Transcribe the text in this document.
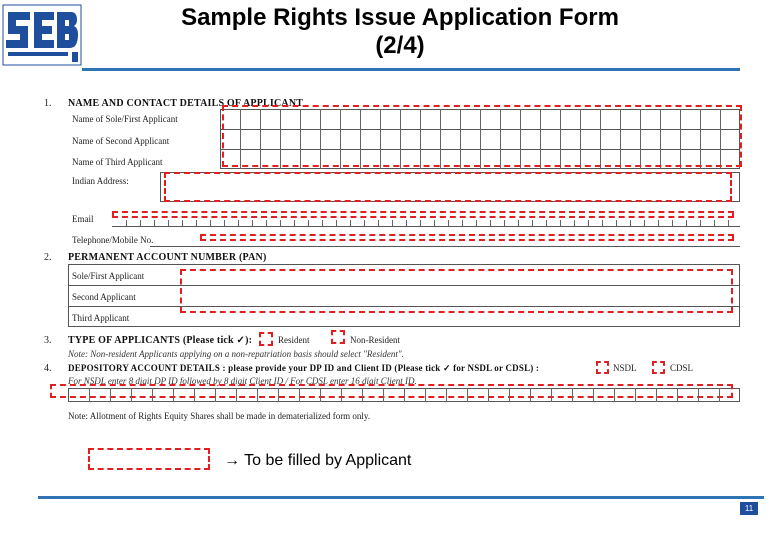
Sample Rights Issue Application Form
(2/4)
1. NAME AND CONTACT DETAILS OF APPLICANT
Name of Sole/First Applicant
Name of Second Applicant
Name of Third Applicant
Indian Address:
Email
Telephone/Mobile No.
2. PERMANENT ACCOUNT NUMBER (PAN)
Sole/First Applicant
Second Applicant
Third Applicant
3. TYPE OF APPLICANTS (Please tick ✓):	Resident	Non-Resident
Note: Non-resident Applicants applying on a non-repatriation basis should select "Resident".
4. DEPOSITORY ACCOUNT DETAILS : please provide your DP ID and Client ID (Please tick ✓ for NSDL or CDSL) :	NSDL	CDSL
For NSDL enter 8 digit DP ID followed by 8 digit Client ID / For CDSL enter 16 digit Client ID.
Note: Allotment of Rights Equity Shares shall be made in dematerialized form only.
→ To be filled by Applicant
11
